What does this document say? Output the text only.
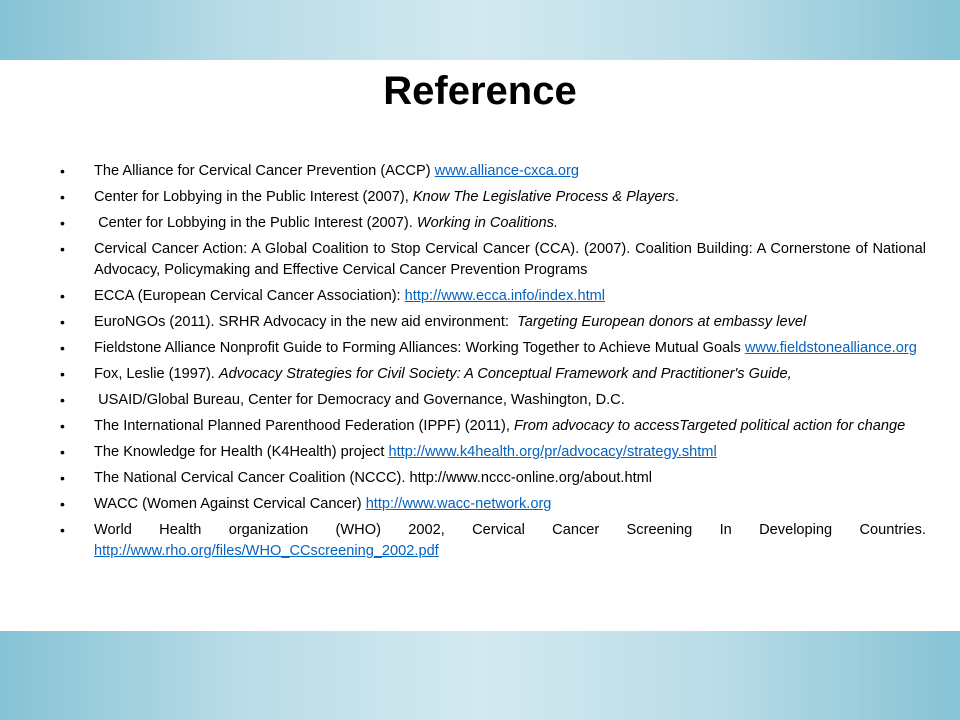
Reference
•	The Alliance for Cervical Cancer Prevention (ACCP) www.alliance-cxca.org
•	Center for Lobbying in the Public Interest (2007), Know The Legislative Process & Players.
•	Center for Lobbying in the Public Interest (2007). Working in Coalitions.
•	Cervical Cancer Action: A Global Coalition to Stop Cervical Cancer (CCA). (2007). Coalition Building: A Cornerstone of National Advocacy, Policymaking and Effective Cervical Cancer Prevention Programs
•	ECCA (European Cervical Cancer Association): http://www.ecca.info/index.html
•	EuroNGOs (2011). SRHR Advocacy in the new aid environment:  Targeting European donors at embassy level
•	Fieldstone Alliance Nonprofit Guide to Forming Alliances: Working Together to Achieve Mutual Goals www.fieldstonealliance.org
•	Fox, Leslie (1997). Advocacy Strategies for Civil Society: A Conceptual Framework and Practitioner's Guide,
•	USAID/Global Bureau, Center for Democracy and Governance, Washington, D.C.
•	The International Planned Parenthood Federation (IPPF) (2011), From advocacy to accessTargeted political action for change
•	The Knowledge for Health (K4Health) project http://www.k4health.org/pr/advocacy/strategy.shtml
•	The National Cervical Cancer Coalition (NCCC). http://www.nccc-online.org/about.html
•	WACC (Women Against Cervical Cancer) http://www.wacc-network.org
•	World Health organization (WHO) 2002, Cervical Cancer Screening In Developing Countries. http://www.rho.org/files/WHO_CCscreening_2002.pdf
